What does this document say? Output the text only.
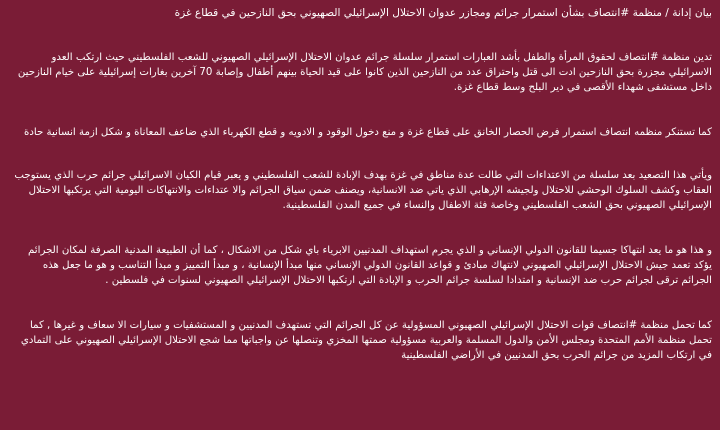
بيان إدانة / منظمة #انتصاف بشأن استمرار جرائم ومجازر عدوان الاحتلال الإسرائيلي الصهيوني بحق النازحين في قطاع غزة
تدين منظمة #انتصاف لحقوق المرأة والطفل بأشد العبارات استمرار سلسلة جرائم عدوان الاحتلال الإسرائيلي الصهيوني للشعب الفلسطيني حيث ارتكب العدو الاسرائيلي مجزرة بحق النازحين ادت الى قتل واحتراق عدد من النازحين الذين كانوا على قيد الحياة بينهم أطفال وإصابة 70 آخرين بغارات إسرائيلية على خيام النازحين داخل مستشفى شهداء الأقصى في دير البلح وسط قطاع غزة.
كما تستنكر منظمه انتصاف استمرار فرض الحصار الخانق على قطاع غزة و منع دخول الوقود و الادويه و قطع الكهرباء الذي ضاعف المعاناة و شكل ازمة انسانية حادة
ويأتي هذا التصعيد بعد سلسلة من الاعتداءات التي طالت عدة مناطق في غزة بهدف الإبادة للشعب الفلسطيني و يعبر قيام الكيان الاسرائيلي جرائم حرب الذي يستوجب العقاب وكشف السلوك الوحشي للاحتلال ولجيشه الإرهابي الذي ياتي ضد الانسانية، ويصنف ضمن سياق الجرائم والا عتداءات والانتهاكات اليومية التي يرتكبها الاحتلال الإسرائيلي الصهيوني بحق الشعب الفلسطيني وخاصة فئة الاطفال والنساء في جميع المدن الفلسطينية.
و هذا هو ما يعد انتهاكا جسيما للقانون الدولي الإنساني و الذي يجرم استهداف المدنيين الابرياء باي شكل من الاشكال ، كما أن الطبيعة المدنية الصرفة لمكان الجرائم يؤكد تعمد جيش الاحتلال الإسرائيلي الصهيوني لانتهاك مبادئ و قواعد القانون الدولي الإنساني منها مبدأ الإنسانية ، و مبدأ التمييز و مبدأ التناسب و هو ما جعل هذه الجرائم ترقى لجرائم حرب ضد الإنسانية و امتدادا لسلسة جرائم الحرب و الإبادة التي ارتكبها الاحتلال الإسرائيلي الصهيوني لسنوات في فلسطين .
كما تحمل منظمة #انتصاف قوات الاحتلال الإسرائيلي الصهيوني المسؤولية عن كل الجرائم التي تستهدف المدنيين و المستشفيات و سيارات الا سعاف و غيرها , كما تحمل منظمة الأمم المتحدة ومجلس الأمن والدول المسلمة والعربية مسؤولية صمتها المخزي وتنصلها عن واجباتها مما شجع الاحتلال الإسرائيلي الصهيوني على التمادي في ارتكاب المزيد من جرائم الحرب بحق المدنيين في الأراضي الفلسطينية
